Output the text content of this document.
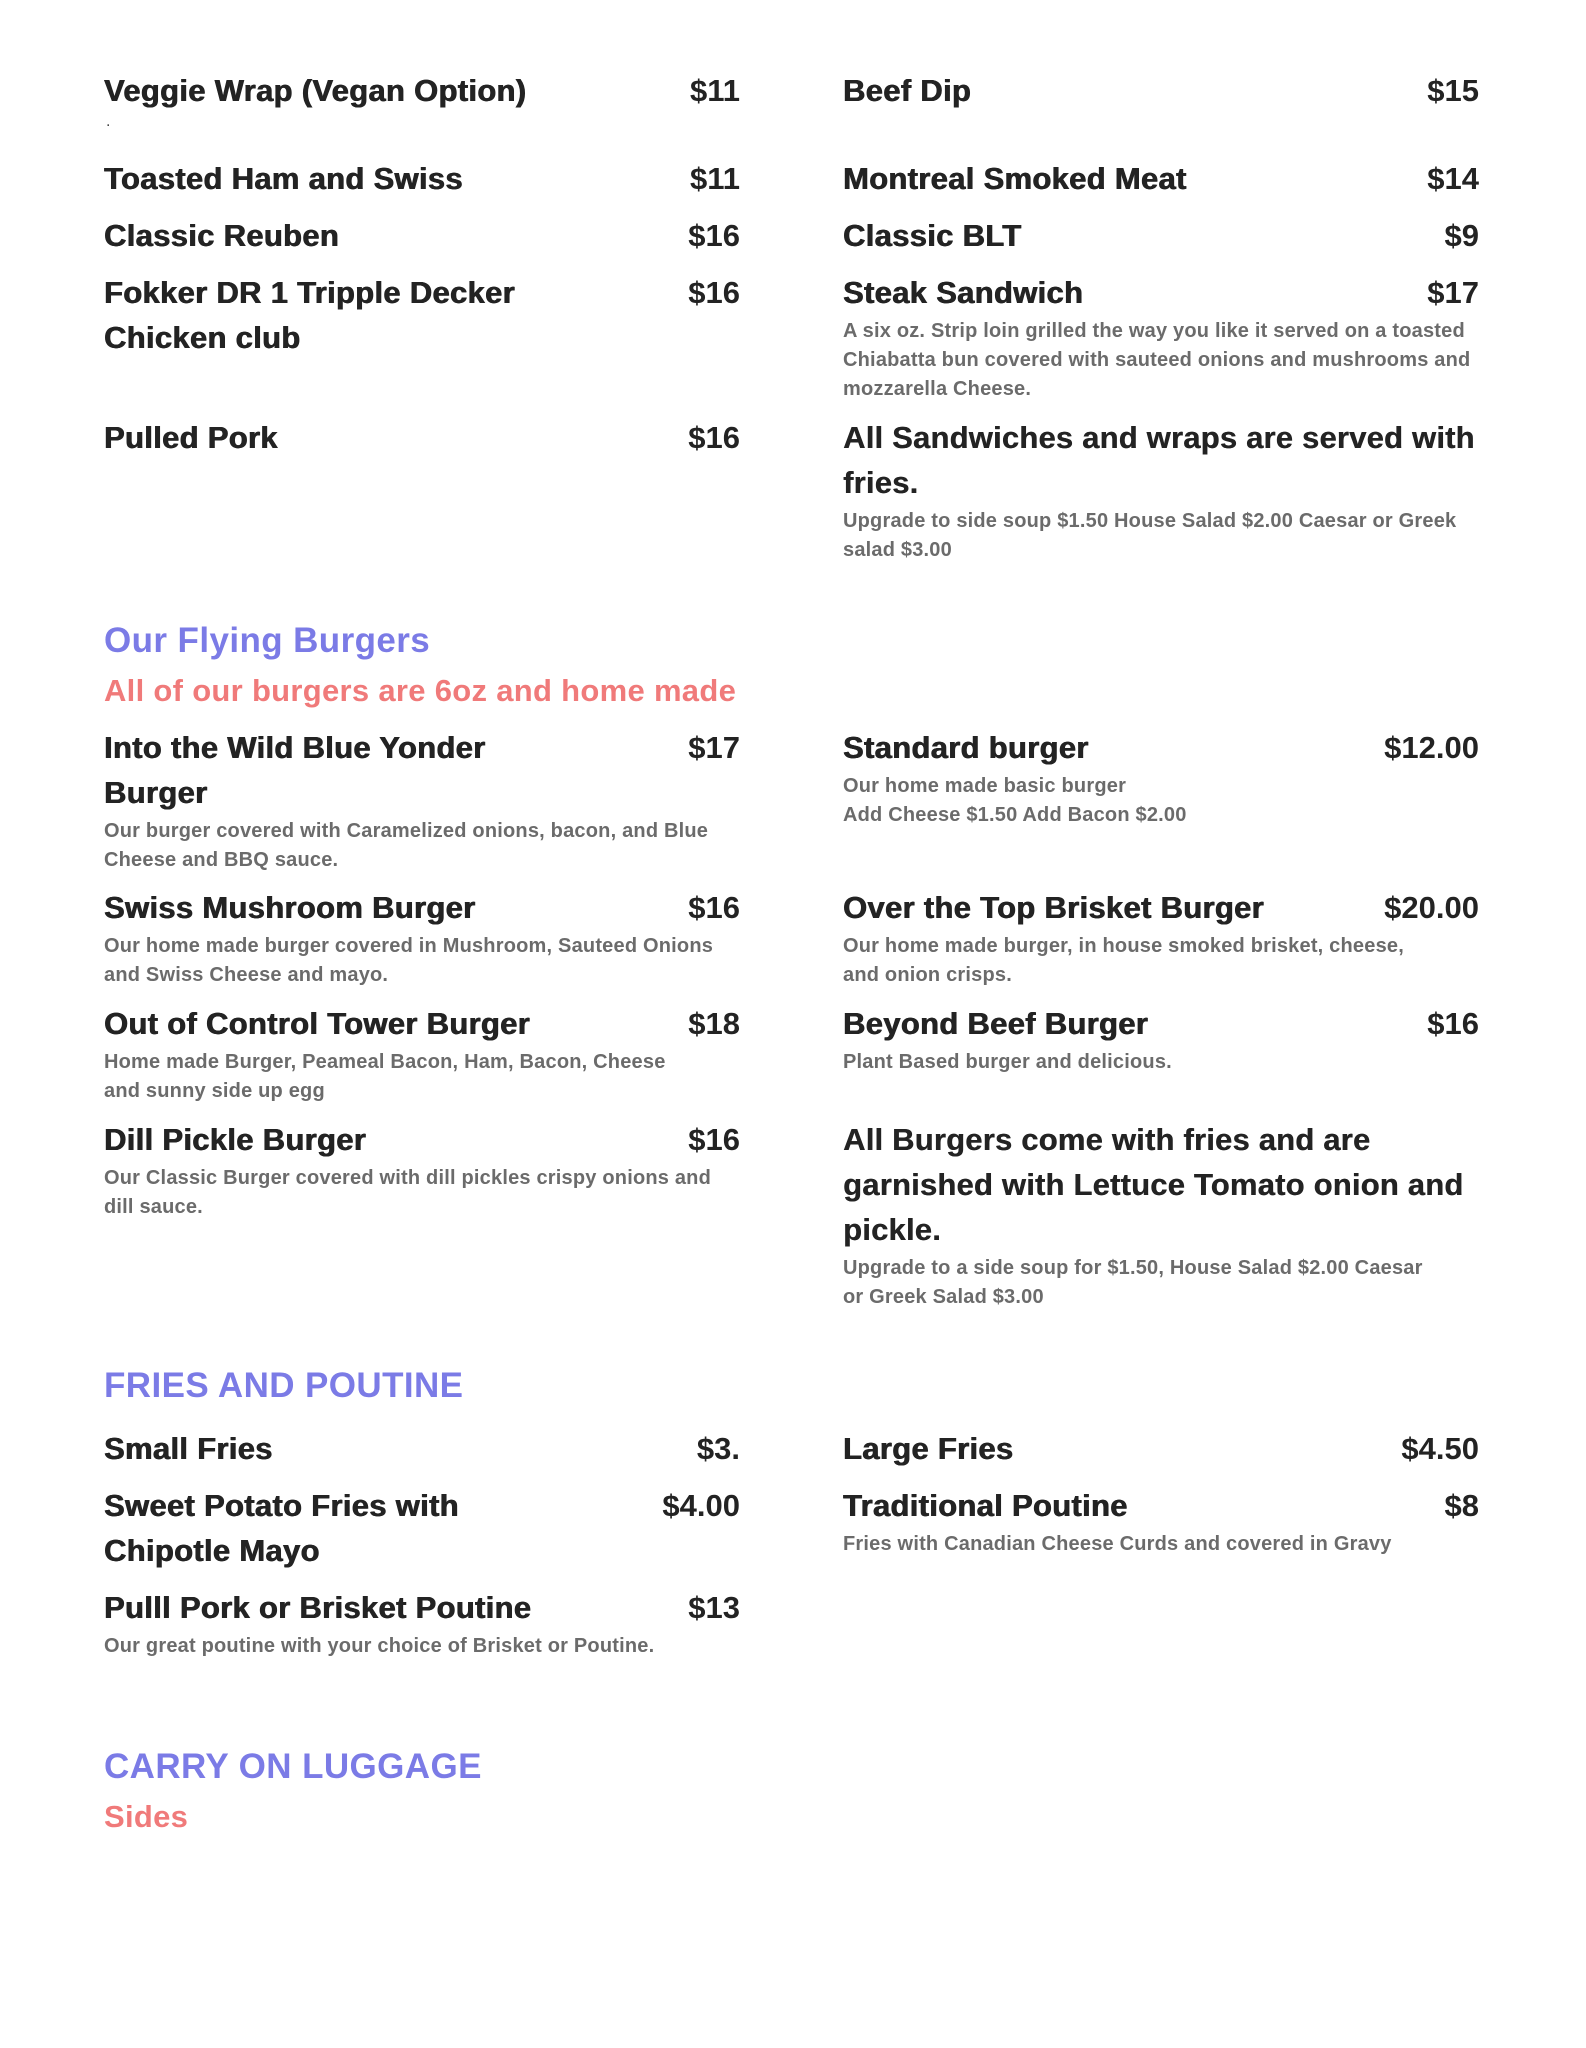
Veggie Wrap (Vegan Option)	$11
.
Toasted Ham and Swiss	$11
Classic Reuben	$16
Fokker DR 1 Tripple Decker Chicken club
$16
Pulled Pork	$16
Beef Dip	$15
Montreal Smoked Meat	$14
Classic BLT	$9
Steak Sandwich	$17
A six oz. Strip loin grilled the way you like it served on a toasted Chiabatta bun covered with sauteed onions and mushrooms and mozzarella Cheese.
All Sandwiches and wraps are served with fries.
Upgrade to side soup $1.50 House Salad $2.00 Caesar or Greek salad $3.00
Our Flying Burgers
All of our burgers are 6oz and home made
Into the Wild Blue Yonder Burger
$17
Our burger covered with Caramelized onions, bacon, and Blue Cheese and BBQ sauce.
Swiss Mushroom Burger	$16
Our home made burger covered in Mushroom, Sauteed Onions and Swiss Cheese and mayo.
Out of Control Tower Burger	$18
Home made Burger, Peameal Bacon, Ham, Bacon, Cheese and sunny side up egg
Dill Pickle Burger	$16
Our Classic Burger covered with dill pickles crispy onions and dill sauce.
Standard burger	$12.00
Our home made basic burger
Add Cheese $1.50 Add Bacon $2.00
Over the Top Brisket Burger	$20.00
Our home made burger, in house smoked brisket, cheese, and onion crisps.
Beyond Beef Burger	$16
Plant Based burger and delicious.
All Burgers come with fries and are garnished with Lettuce Tomato onion and pickle.
Upgrade to a side soup for $1.50, House Salad $2.00 Caesar or Greek Salad $3.00
FRIES AND POUTINE
Small Fries	$3.
Sweet Potato Fries with Chipotle Mayo
$4.00
Pulll Pork or Brisket Poutine	$13
Our great poutine with your choice of Brisket or Poutine.
Large Fries	$4.50
Traditional Poutine	$8
Fries with Canadian Cheese Curds and covered in Gravy
CARRY ON LUGGAGE
Sides
